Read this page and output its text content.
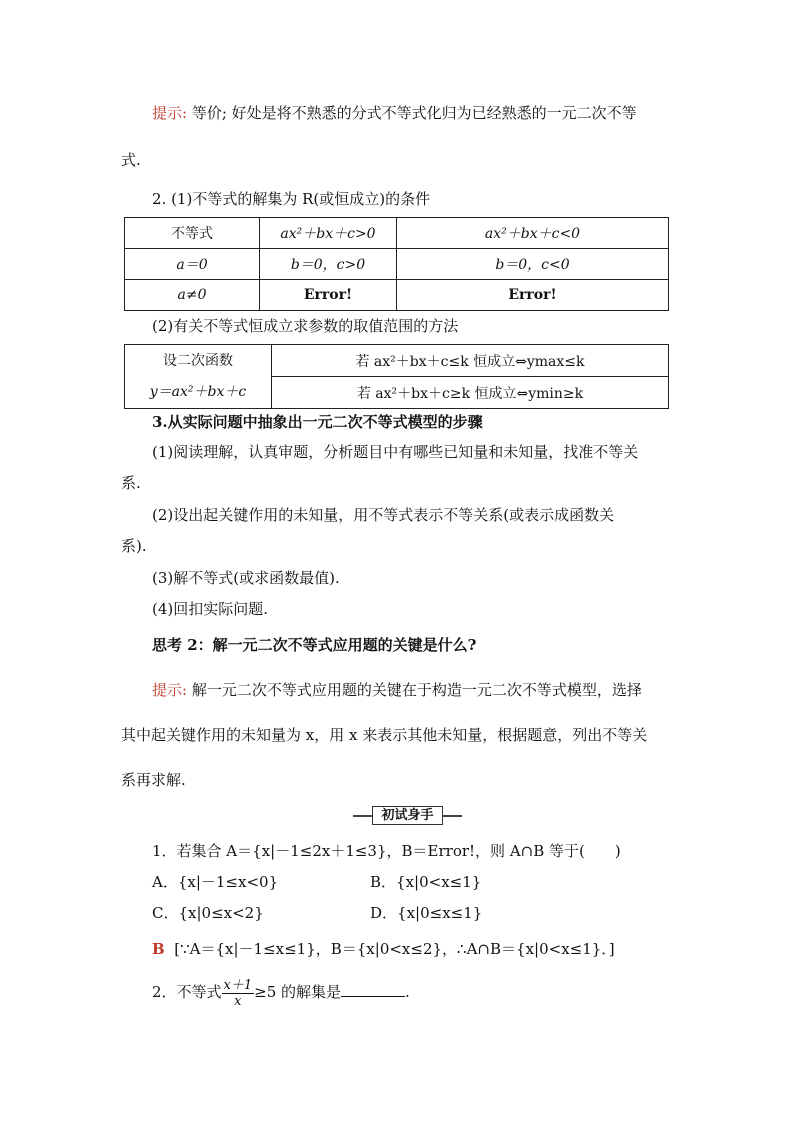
提示: 等价; 好处是将不熟悉的分式不等式化归为已经熟悉的一元二次不等
式.
2. (1)不等式的解集为 R(或恒成立)的条件
不等式	ax²＋bx＋c>0	ax²＋bx＋c<0
a＝0	b＝0，c>0	b＝0，c<0
a≠0	Error!	Error!
(2)有关不等式恒成立求参数的取值范围的方法
设二次函数
y＝ax²＋bx＋c
	若 ax²＋bx＋c≤k 恒成立⇔ymax≤k
若 ax²＋bx＋c≥k 恒成立⇔ymin≥k
3.从实际问题中抽象出一元二次不等式模型的步骤
(1)阅读理解，认真审题，分析题目中有哪些已知量和未知量，找准不等关
系.
(2)设出起关键作用的未知量，用不等式表示不等关系(或表示成函数关
系).
(3)解不等式(或求函数最值).
(4)回扣实际问题.
思考 2：解一元二次不等式应用题的关键是什么?
提示: 解一元二次不等式应用题的关键在于构造一元二次不等式模型，选择
其中起关键作用的未知量为 x，用 x 来表示其他未知量，根据题意，列出不等关
系再求解.
初试身手
1．若集合 A＝{x|－1≤2x＋1≤3}，B＝Error!，则 A∩B 等于(　　)
A．{x|－1≤x<0}	B．{x|0<x≤1}
C．{x|0≤x<2}	D．{x|0≤x≤1}
B [∵A＝{x|－1≤x≤1}，B＝{x|0<x≤2}，∴A∩B＝{x|0<x≤1}．]
2．不等式 $\frac{x+1}{x} \ge 5$ 的解集是	.
